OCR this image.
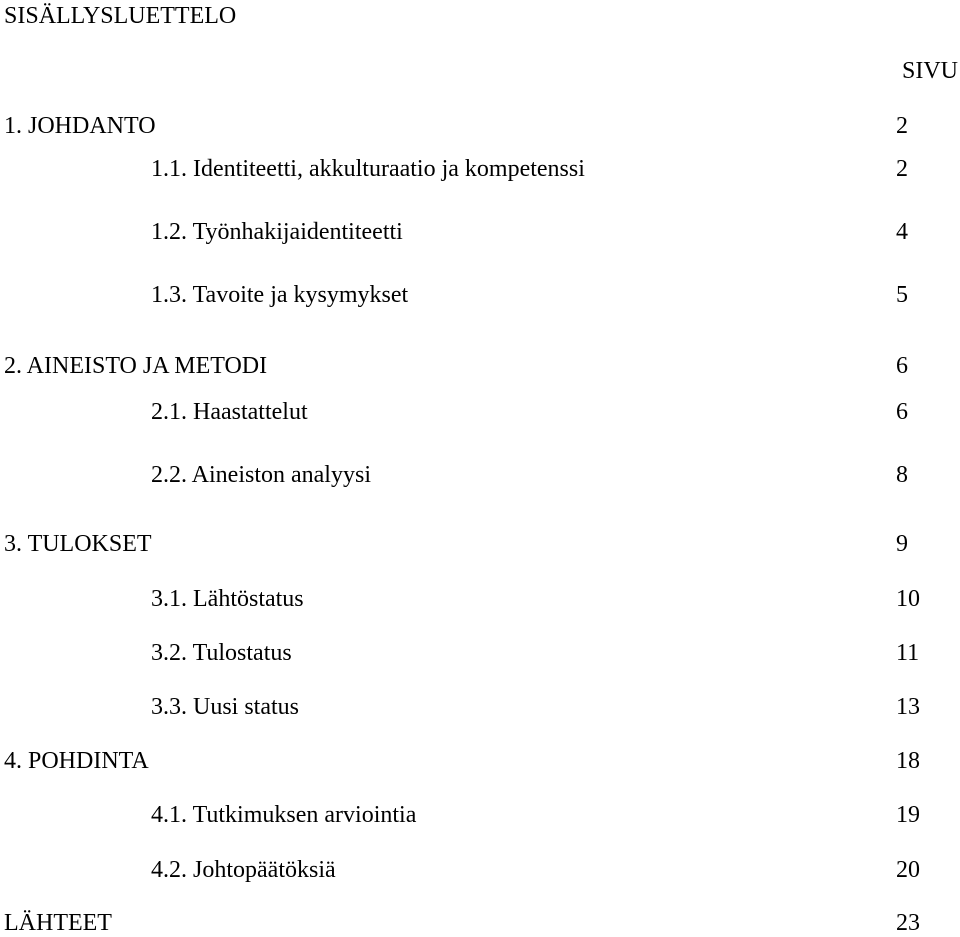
SISÄLLYSLUETTELO
SIVU
1. JOHDANTO	2
1.1. Identiteetti, akkulturaatio ja kompetenssi	2
1.2. Työnhakijaidentiteetti	4
1.3. Tavoite ja kysymykset	5
2. AINEISTO JA METODI	6
2.1. Haastattelut	6
2.2. Aineiston analyysi	8
3. TULOKSET	9
3.1. Lähtöstatus	10
3.2. Tulostatus	11
3.3. Uusi status	13
4. POHDINTA	18
4.1. Tutkimuksen arviointia	19
4.2. Johtopäätöksiä	20
LÄHTEET	23
